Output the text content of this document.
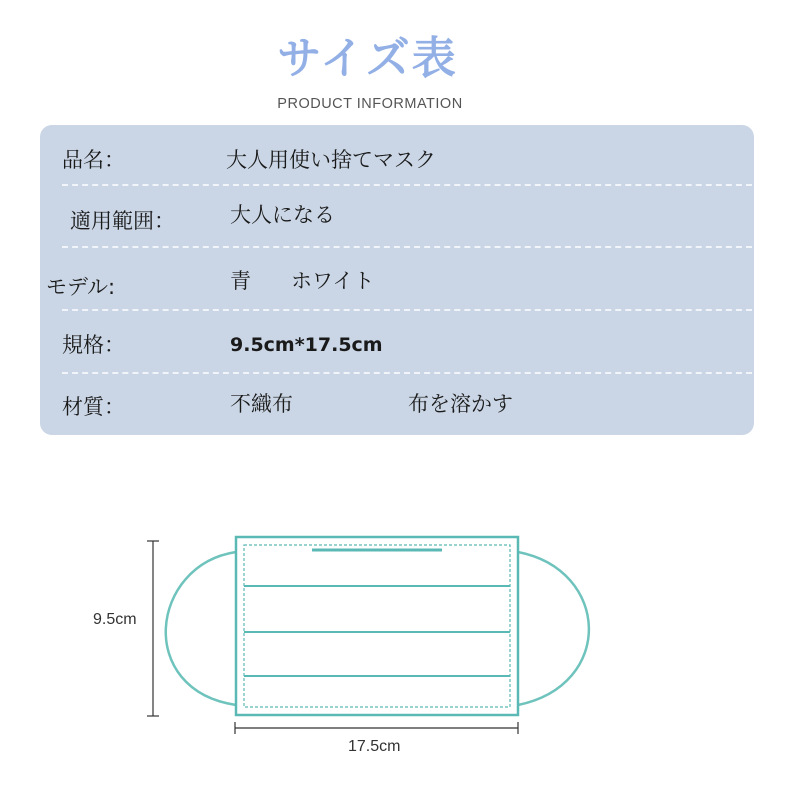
サイズ表
PRODUCT INFORMATION
品名：	大人用使い捨てマスク
適用範囲：	大人になる
モデル:	青 ホワイト
規格：	9.5cm*17.5cm
材質：	不織布	布を溶かす
9.5cm
17.5cm
